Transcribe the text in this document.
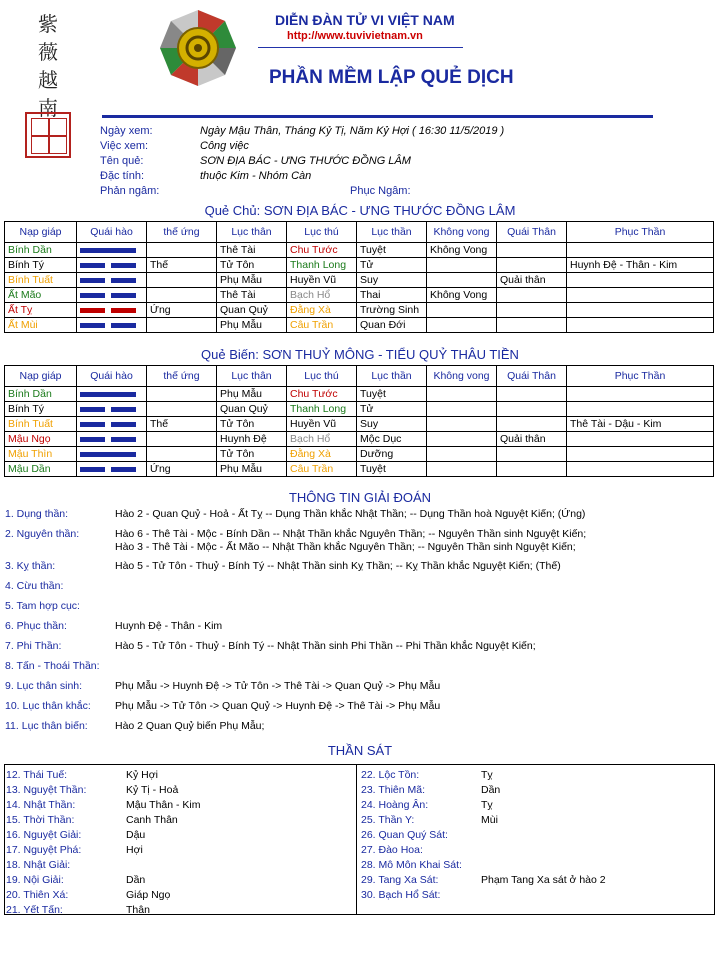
紫
薇
越
南
DIỄN ĐÀN TỬ VI VIỆT NAM
http://www.tuvivietnam.vn
PHẦN MỀM LẬP QUẺ DỊCH
Ngày xem:	Ngày Mậu Thân, Tháng Kỷ Tị, Năm Kỷ Hợi ( 16:30 11/5/2019 )
Việc xem:	Công việc
Tên quẻ:	SƠN ĐỊA BÁC - ƯNG THƯỚC ĐỒNG LÂM
Đặc tính:	thuộc Kim - Nhóm Càn
Phản ngâm:	Phục Ngâm:
Quẻ Chủ: SƠN ĐỊA BÁC - ƯNG THƯỚC ĐỒNG LÂM
Nạp giáp	Quái hào	thế ứng	Lục thân	Lục thú	Lục thần	Không vong	Quái Thân	Phục Thần
Bính Dần			Thê Tài	Chu Tước	Tuyệt	Không Vong		
Bính Tý		Thế	Tử Tôn	Thanh Long	Tử			Huynh Đệ - Thân - Kim
Bính Tuất			Phụ Mẫu	Huyền Vũ	Suy		Quải thân	
Ất Mão			Thê Tài	Bạch Hổ	Thai	Không Vong		
Ất Tỵ		Ứng	Quan Quỷ	Đằng Xà	Trường Sinh			
Ất Mùi			Phụ Mẫu	Câu Trần	Quan Đới			
Quẻ Biến: SƠN THUỶ MÔNG - TIỂU QUỶ THÂU TIỀN
Nạp giáp	Quái hào	thế ứng	Lục thân	Lục thú	Lục thần	Không vong	Quái Thân	Phục Thần
Bính Dần			Phụ Mẫu	Chu Tước	Tuyệt			
Bính Tý			Quan Quỷ	Thanh Long	Tử			
Bính Tuất		Thế	Tử Tôn	Huyền Vũ	Suy			Thê Tài - Dậu - Kim
Mậu Ngọ			Huynh Đệ	Bạch Hổ	Mộc Dục		Quải thân	
Mậu Thìn			Tử Tôn	Đằng Xà	Dưỡng			
Mậu Dần		Ứng	Phụ Mẫu	Câu Trần	Tuyệt			
THÔNG TIN GIẢI ĐOÁN
1. Dụng thần:	Hào 2 - Quan Quỷ - Hoả - Ất Tỵ -- Dụng Thần khắc Nhật Thần; -- Dụng Thần hoà Nguyệt Kiến; (Ứng)
2. Nguyên thần:	Hào 6 - Thê Tài - Mộc - Bính Dần -- Nhật Thần khắc Nguyên Thần; -- Nguyên Thần sinh Nguyệt Kiến;
Hào 3 - Thê Tài - Mộc - Ất Mão -- Nhật Thần khắc Nguyên Thần; -- Nguyên Thần sinh Nguyệt Kiến;
3. Kỵ thần:	Hào 5 - Tử Tôn - Thuỷ - Bính Tý -- Nhật Thần sinh Kỵ Thần; -- Kỵ Thần khắc Nguyệt Kiến; (Thế)
4. Cừu thần:
5. Tam hợp cục:
6. Phục thần:	Huynh Đệ - Thân - Kim
7. Phi Thần:	Hào 5 - Tử Tôn - Thuỷ - Bính Tý -- Nhật Thần sinh Phi Thần -- Phi Thần khắc Nguyệt Kiến;
8. Tấn - Thoái Thần:
9. Lục thân sinh:	Phụ Mẫu -> Huynh Đệ -> Tử Tôn -> Thê Tài -> Quan Quỷ -> Phụ Mẫu
10. Lục thân khắc: Phụ Mẫu -> Tử Tôn -> Quan Quỷ -> Huynh Đệ -> Thê Tài -> Phụ Mẫu
11. Lục thân biến:	Hào 2 Quan Quỷ biến Phụ Mẫu;
THẦN SÁT
12. Thái Tuế:	Kỷ Hợi
13. Nguyệt Thần:	Kỷ Tị - Hoả
14. Nhật Thần:	Mậu Thân - Kim
15. Thời Thần:	Canh Thân
16. Nguyệt Giải:	Dậu
17. Nguyệt Phá:	Hợi
18. Nhật Giải:
19. Nội Giải:	Dần
20. Thiên Xá:	Giáp Ngọ
21. Yết Tấn:	Thân
22. Lộc Tồn:	Tỵ
23. Thiên Mã:	Dần
24. Hoàng Ân:	Tỵ
25. Thần Y:	Mùi
26. Quan Quý Sát:
27. Đào Hoa:
28. Mô Môn Khai Sát:
29. Tang Xa Sát:	Phạm Tang Xa sát ở hào 2
30. Bạch Hổ Sát:
